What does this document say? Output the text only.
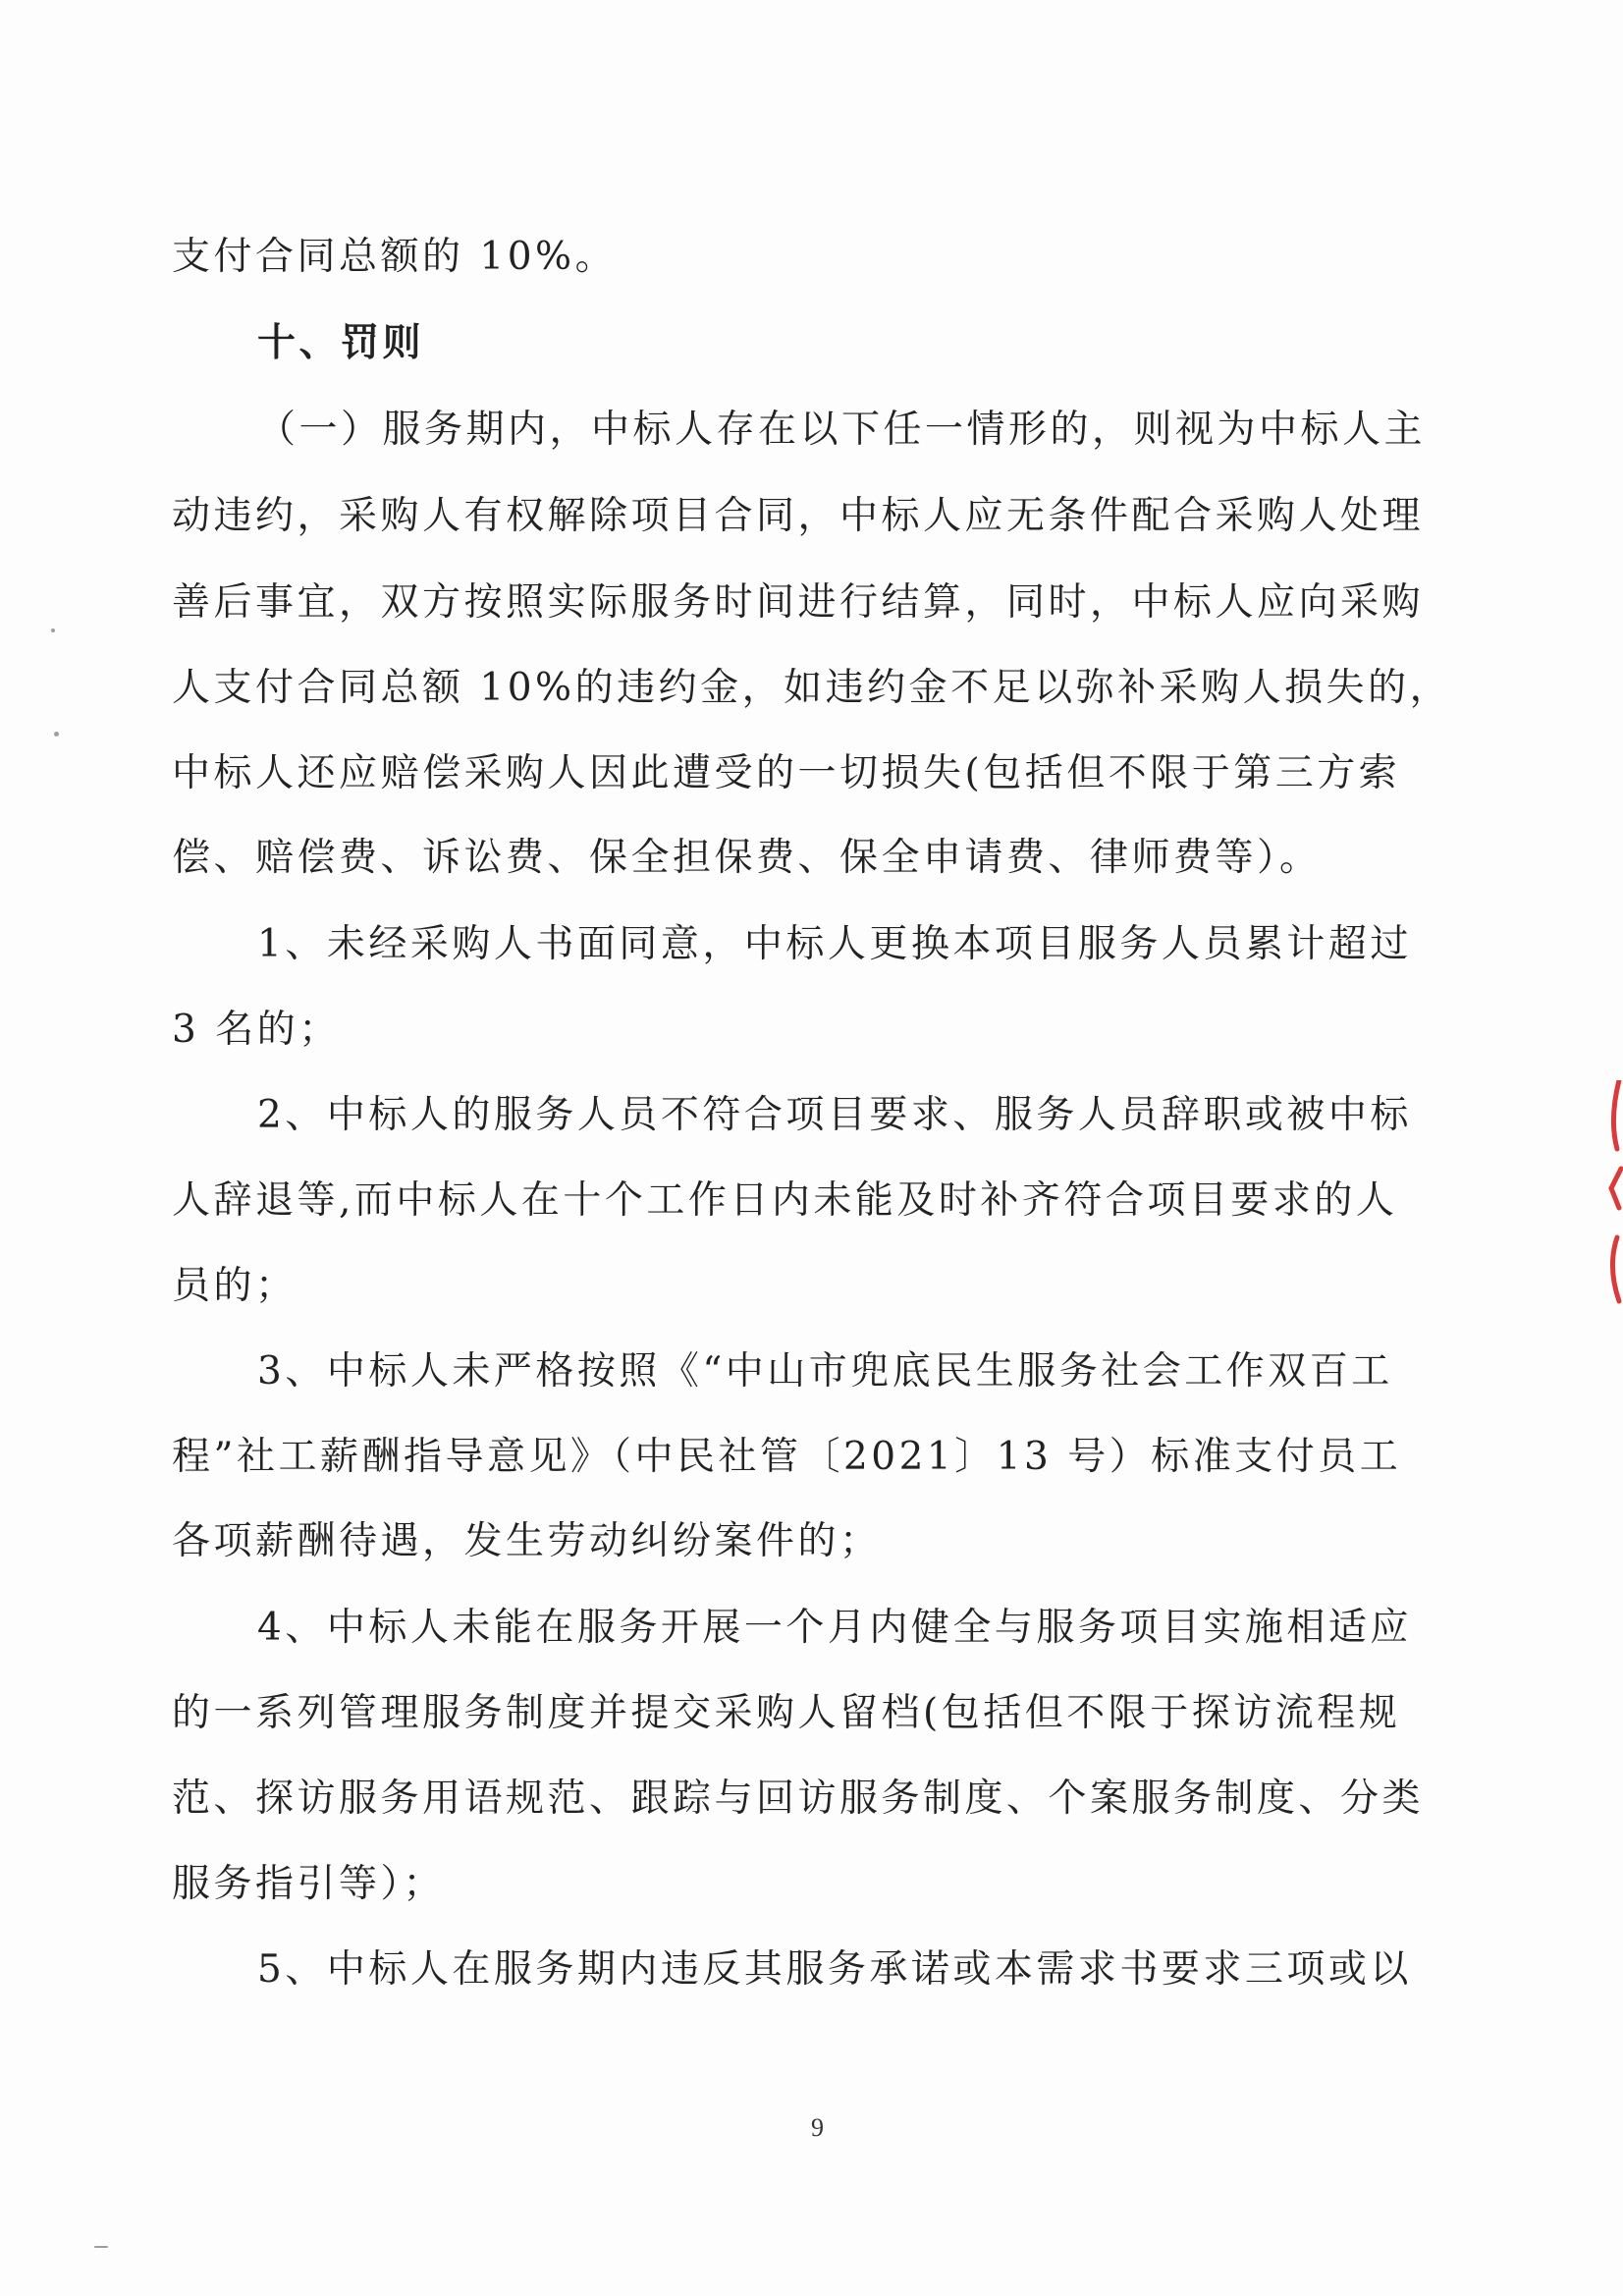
支付合同总额的 10%。
十、罚则
（一）服务期内，中标人存在以下任一情形的，则视为中标人主
动违约，采购人有权解除项目合同，中标人应无条件配合采购人处理
善后事宜，双方按照实际服务时间进行结算，同时，中标人应向采购
人支付合同总额 10%的违约金，如违约金不足以弥补采购人损失的，
中标人还应赔偿采购人因此遭受的一切损失(包括但不限于第三方索
偿、赔偿费、诉讼费、保全担保费、保全申请费、律师费等）。
1、未经采购人书面同意，中标人更换本项目服务人员累计超过
3 名的；
2、中标人的服务人员不符合项目要求、服务人员辞职或被中标
人辞退等,而中标人在十个工作日内未能及时补齐符合项目要求的人
员的；
3、中标人未严格按照《“中山市兜底民生服务社会工作双百工
程”社工薪酬指导意见》（中民社管〔2021〕13 号）标准支付员工
各项薪酬待遇，发生劳动纠纷案件的；
4、中标人未能在服务开展一个月内健全与服务项目实施相适应
的一系列管理服务制度并提交采购人留档(包括但不限于探访流程规
范、探访服务用语规范、跟踪与回访服务制度、个案服务制度、分类
服务指引等）；
5、中标人在服务期内违反其服务承诺或本需求书要求三项或以
9
